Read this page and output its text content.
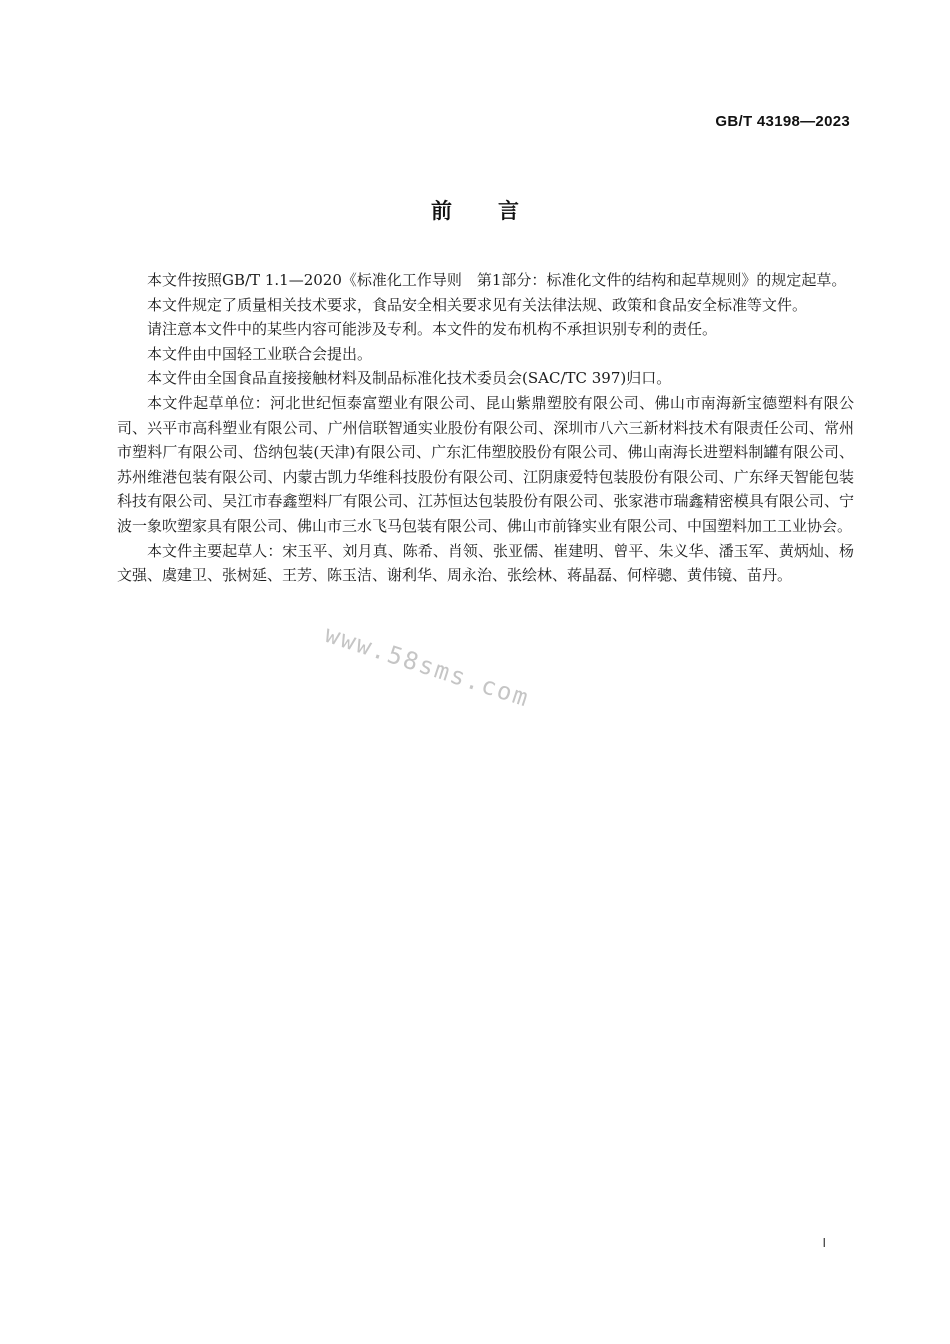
GB/T 43198—2023
前言

本文件按照GB/T 1.1—2020《标准化工作导则　第1部分：标准化文件的结构和起草规则》的规定起草。

本文件规定了质量相关技术要求，食品安全相关要求见有关法律法规、政策和食品安全标准等文件。

请注意本文件中的某些内容可能涉及专利。本文件的发布机构不承担识别专利的责任。

本文件由中国轻工业联合会提出。

本文件由全国食品直接接触材料及制品标准化技术委员会(SAC/TC 397)归口。

本文件起草单位：河北世纪恒泰富塑业有限公司、昆山紫鼎塑胶有限公司、佛山市南海新宝德塑料有限公司、兴平市高科塑业有限公司、广州信联智通实业股份有限公司、深圳市八六三新材料技术有限责任公司、常州市塑料厂有限公司、岱纳包装(天津)有限公司、广东汇伟塑胶股份有限公司、佛山南海长进塑料制罐有限公司、苏州维港包装有限公司、内蒙古凯力华维科技股份有限公司、江阴康爱特包装股份有限公司、广东绎天智能包装科技有限公司、吴江市春鑫塑料厂有限公司、江苏恒达包装股份有限公司、张家港市瑞鑫精密模具有限公司、宁波一象吹塑家具有限公司、佛山市三水飞马包装有限公司、佛山市前锋实业有限公司、中国塑料加工工业协会。

本文件主要起草人：宋玉平、刘月真、陈希、肖领、张亚儒、崔建明、曾平、朱义华、潘玉军、黄炳灿、杨文强、虞建卫、张树延、王芳、陈玉洁、谢利华、周永治、张绘林、蒋晶磊、何梓骢、黄伟镜、苗丹。

www.58sms.com
I
